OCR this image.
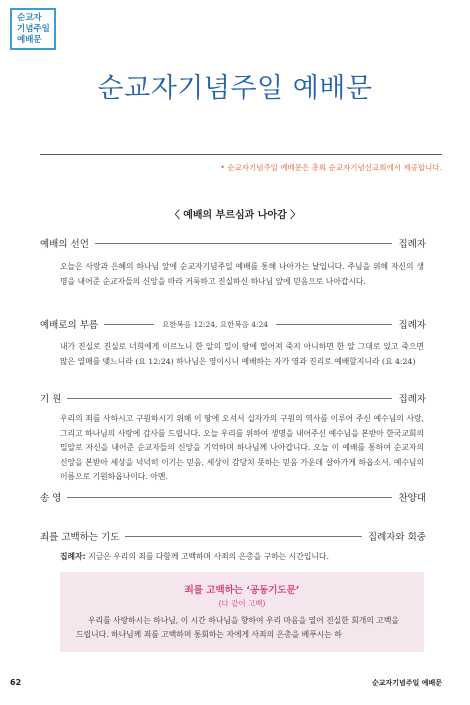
순교자
기념주일
예배문
순교자기념주일 예배문
• 순교자기념주일 예배문은 총회 순교자기념선교회에서 제공합니다.
〈 예배의 부르심과 나아감 〉
예배의 선언	집례자

오늘은 사랑과 은혜의 하나님 앞에 순교자기념주일 예배를 통해 나아가는 날입니다. 주님을 위해 자신의 생명을 내어준 순교자들의 신앙을 따라 거룩하고 진실하신 하나님 앞에 믿음으로 나아갑시다.

예배로의 부름	요한복음 12:24, 요한복음 4:24	집례자

내가 진실로 진실로 너희에게 이르노니 한 알의 밀이 땅에 떨어져 죽지 아니하면 한 알 그대로 있고 죽으면 많은 열매를 맺느니라 (요 12:24) 하나님은 영이시니 예배하는 자가 영과 진리로 예배할지니라 (요 4:24)

기 원	집례자

우리의 죄를 사하시고 구원하시기 위해 이 땅에 오셔서 십자가의 구원의 역사를 이루어 주신 예수님의 사랑, 그리고 하나님의 사랑에 감사를 드립니다. 오늘 우리를 위하여 생명을 내어주신 예수님을 본받아 한국교회의 밀알로 자신을 내어준 순교자들의 신앙을 기억하며 하나님께 나아갑니다. 오늘 이 예배를 통하여 순교자의 신앙을 본받아 세상을 넉넉히 이기는 믿음, 세상이 감당치 못하는 믿음 가운데 살아가게 하옵소서. 예수님의 이름으로 기원하옵나이다. 아멘.

송 영	찬양대
죄를 고백하는 기도	집례자와 회중
집례자: 지금은 우리의 죄를 다함께 고백하며 사죄의 은총을 구하는 시간입니다.

죄를 고백하는 ‘공동기도문’

(다 같이 고백)

우리를 사랑하시는 하나님, 이 시간 하나님을 향하여 우리 마음을 열어 진실한 회개의 고백을 드립니다. 하나님께 죄를 고백하며 통회하는 자에게 사죄의 은총을 베푸시는 하

62	순교자기념주일 예배문
